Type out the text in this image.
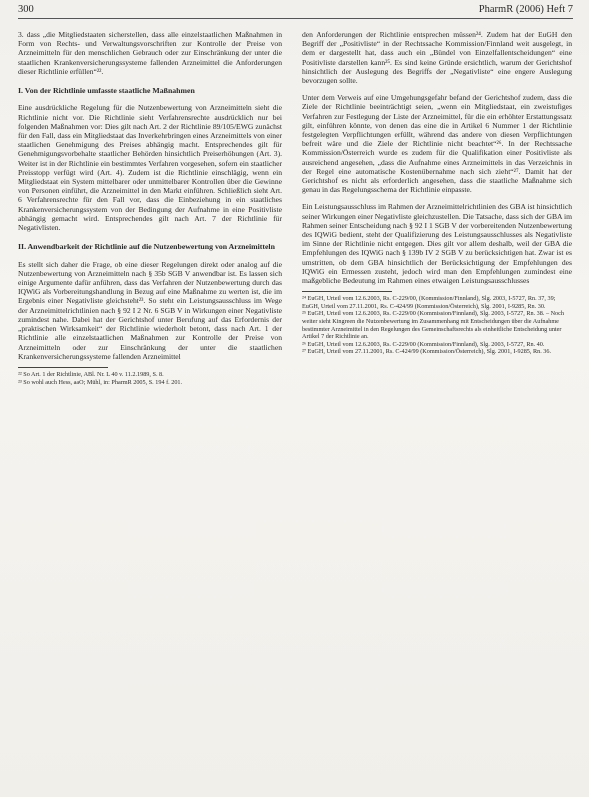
300	PharmR (2006) Heft 7

3. dass „die Mitgliedstaaten sicherstellen, dass alle einzelstaatlichen Maßnahmen in Form von Rechts- und Verwaltungsvorschriften zur Kontrolle der Preise von Arzneimitteln für den menschlichen Gebrauch oder zur Einschränkung der unter die staatlichen Krankenversicherungssysteme fallenden Arzneimittel die Anforderungen dieser Richtlinie erfüllen“²².

I. Von der Richtlinie umfasste staatliche Maßnahmen

Eine ausdrückliche Regelung für die Nutzenbewertung von Arzneimitteln sieht die Richtlinie nicht vor. Die Richtlinie sieht Verfahrensrechte ausdrücklich nur bei folgenden Maßnahmen vor: Dies gilt nach Art. 2 der Richtlinie 89/105/EWG zunächst für den Fall, dass ein Mitgliedstaat das Inverkehrbringen eines Arzneimittels von einer staatlichen Genehmigung des Preises abhängig macht. Entsprechendes gilt für Genehmigungsvorbehalte staatlicher Behörden hinsichtlich Preiserhöhungen (Art. 3). Weiter ist in der Richtlinie ein bestimmtes Verfahren vorgesehen, sofern ein staatlicher Preisstopp verfügt wird (Art. 4). Zudem ist die Richtlinie einschlägig, wenn ein Mitgliedstaat ein System mittelbarer oder unmittelbarer Kontrollen über die Gewinne von Personen einführt, die Arzneimittel in den Markt einführen. Schließlich sieht Art. 6 Verfahrensrechte für den Fall vor, dass die Einbeziehung in ein staatliches Krankenversicherungssystem von der Bedingung der Aufnahme in eine Positivliste abhängig gemacht wird. Entsprechendes gilt nach Art. 7 der Richtlinie für Negativlisten.

II. Anwendbarkeit der Richtlinie auf die Nutzenbewertung von Arzneimitteln

Es stellt sich daher die Frage, ob eine dieser Regelungen direkt oder analog auf die Nutzenbewertung von Arzneimitteln nach § 35b SGB V anwendbar ist. Es lassen sich einige Argumente dafür anführen, dass das Verfahren der Nutzenbewertung durch das IQWiG als Vorbereitungshandlung in Bezug auf eine Maßnahme zu werten ist, die im Ergebnis einer Negativliste gleichsteht²³. So steht ein Leistungsausschluss im Wege der Arzneimittelrichtlinien nach § 92 I 2 Nr. 6 SGB V in Wirkungen einer Negativliste zumindest nahe. Dabei hat der Gerichtshof unter Berufung auf das Erfordernis der „praktischen Wirksamkeit“ der Richtlinie wiederholt betont, dass nach Art. 1 der Richtlinie alle einzelstaatlichen Maßnahmen zur Kontrolle der Preise von Arzneimitteln oder zur Einschränkung der unter die staatlichen Krankenversicherungssysteme fallenden Arzneimittel

²² So Art. 1 der Richtlinie, ABl. Nr. L 40 v. 11.2.1989, S. 8.
²³ So wohl auch Hess, aaO; Mühl, in: PharmR 2005, S. 194 f. 201.

den Anforderungen der Richtlinie entsprechen müssen²⁴. Zudem hat der EuGH den Begriff der „Positivliste“ in der Rechtssache Kommission/Finnland weit ausgelegt, in dem er dargestellt hat, dass auch ein „Bündel von Einzelfallentscheidungen“ eine Positivliste darstellen kann²⁵. Es sind keine Gründe ersichtlich, warum der Gerichtshof hinsichtlich der Auslegung des Begriffs der „Negativliste“ eine engere Auslegung bevorzugen sollte.

Unter dem Verweis auf eine Umgehungsgefahr befand der Gerichtshof zudem, dass die Ziele der Richtlinie beeinträchtigt seien, „wenn ein Mitgliedstaat, ein zweistufiges Verfahren zur Festlegung der Liste der Arzneimittel, für die ein erhöhter Erstattungssatz gilt, einführen könnte, von denen das eine die in Artikel 6 Nummer 1 der Richtlinie festgelegten Verpflichtungen erfüllt, während das andere von diesen Verpflichtungen befreit wäre und die Ziele der Richtlinie nicht beachtet“²⁶. In der Rechtssache Kommission/Österreich wurde es zudem für die Qualifikation einer Positivliste als ausreichend angesehen, „dass die Aufnahme eines Arzneimittels in das Verzeichnis in der Regel eine automatische Kostenübernahme nach sich zieht“²⁷. Damit hat der Gerichtshof es nicht als erforderlich angesehen, dass die staatliche Maßnahme sich genau in das Regelungsschema der Richtlinie einpasste.

Ein Leistungsausschluss im Rahmen der Arzneimittelrichtlinien des GBA ist hinsichtlich seiner Wirkungen einer Negativliste gleichzustellen. Die Tatsache, dass sich der GBA im Rahmen seiner Entscheidung nach § 92 I 1 SGB V der vorbereitenden Nutzenbewertung des IQWiG bedient, steht der Qualifizierung des Leistungsausschlusses als Negativliste im Sinne der Richtlinie nicht entgegen. Dies gilt vor allem deshalb, weil der GBA die Empfehlungen des IQWiG nach § 139b IV 2 SGB V zu berücksichtigen hat. Zwar ist es umstritten, ob dem GBA hinsichtlich der Berücksichtigung der Empfehlungen des IQWiG ein Ermessen zusteht, jedoch wird man den Empfehlungen zumindest eine maßgebliche Bedeutung im Rahmen eines etwaigen Leistungsausschlusses

²⁴ EuGH, Urteil vom 12.6.2003, Rs. C-229/00, (Kommission/Finnland), Slg. 2003, I-5727, Rn. 37, 39; EuGH, Urteil vom 27.11.2001, Rs. C-424/99 (Kommission/Österreich), Slg. 2001, I-9285, Rn. 30.
²⁵ EuGH, Urteil vom 12.6.2003, Rs. C-229/00 (Kommission/Finnland), Slg. 2003, I-5727, Rn. 38. – Noch weiter sieht Kingreen die Nutzenbewertung im Zusammenhang mit Entscheidungen über die Aufnahme bestimmter Arzneimittel in den Regelungen des Gemeinschaftsrechts als einheitliche Entscheidung unter Artikel 7 der Richtlinie an.
²⁶ EuGH, Urteil vom 12.6.2003, Rs. C-229/00 (Kommission/Finnland), Slg. 2003, I-5727, Rn. 40.
²⁷ EuGH, Urteil vom 27.11.2001, Rs. C-424/99 (Kommission/Österreich), Slg. 2001, I-9285, Rn. 36.
